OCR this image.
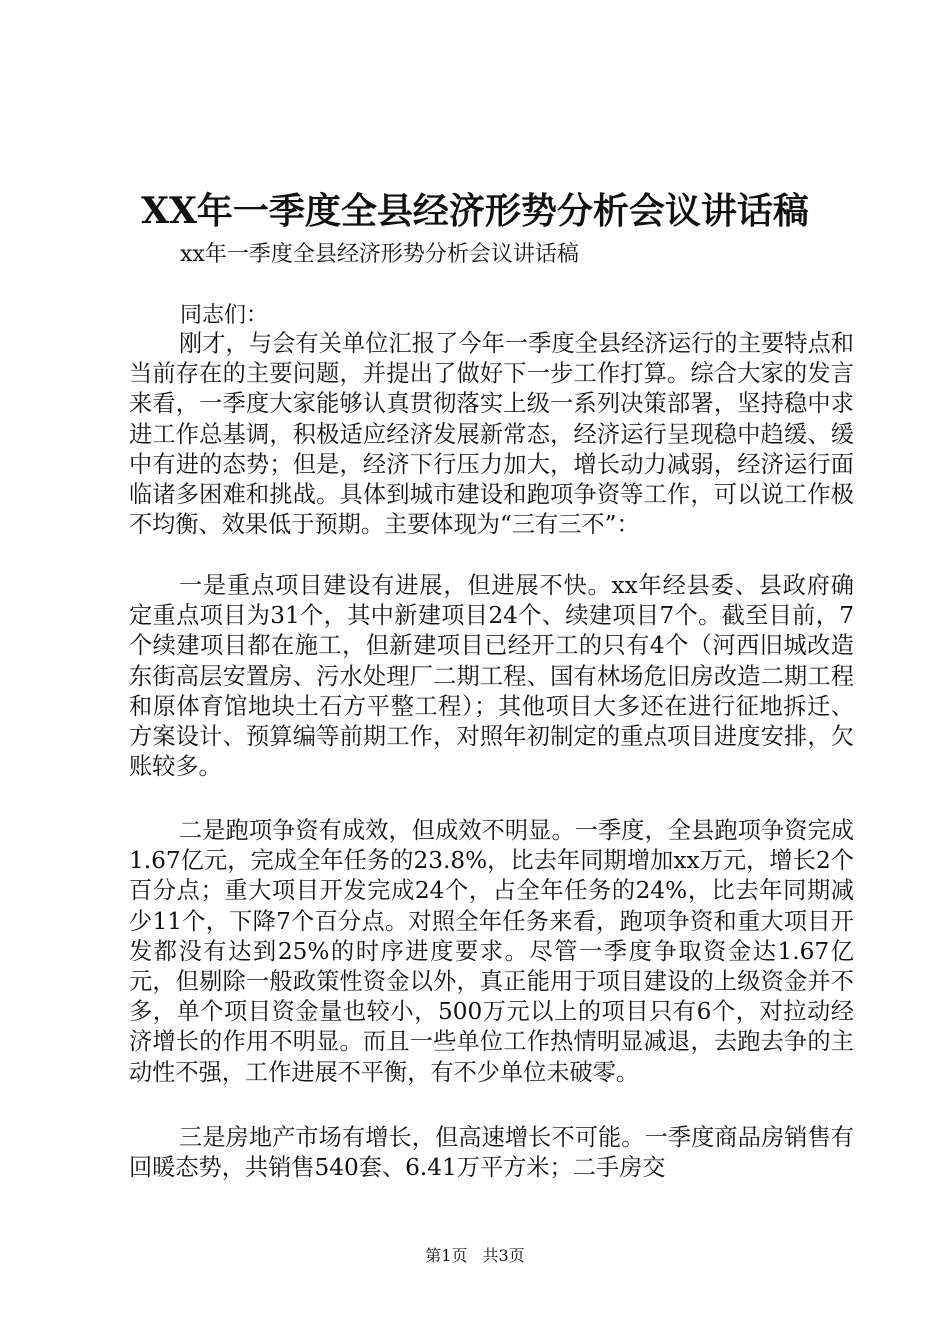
XX年一季度全县经济形势分析会议讲话稿
xx年一季度全县经济形势分析会议讲话稿
同志们：
刚才，与会有关单位汇报了今年一季度全县经济运行的主要特点和当前存在的主要问题，并提出了做好下一步工作打算。综合大家的发言来看，一季度大家能够认真贯彻落实上级一系列决策部署，坚持稳中求进工作总基调，积极适应经济发展新常态，经济运行呈现稳中趋缓、缓中有进的态势；但是，经济下行压力加大，增长动力减弱，经济运行面临诸多困难和挑战。具体到城市建设和跑项争资等工作，可以说工作极不均衡、效果低于预期。主要体现为“三有三不”：
一是重点项目建设有进展，但进展不快。xx年经县委、县政府确定重点项目为31个，其中新建项目24个、续建项目7个。截至目前，7个续建项目都在施工，但新建项目已经开工的只有4个（河西旧城改造东街高层安置房、污水处理厂二期工程、国有林场危旧房改造二期工程和原体育馆地块土石方平整工程）；其他项目大多还在进行征地拆迁、方案设计、预算编等前期工作，对照年初制定的重点项目进度安排，欠账较多。
二是跑项争资有成效，但成效不明显。一季度，全县跑项争资完成1.67亿元，完成全年任务的23.8%，比去年同期增加xx万元，增长2个百分点；重大项目开发完成24个，占全年任务的24%，比去年同期减少11个，下降7个百分点。对照全年任务来看，跑项争资和重大项目开发都没有达到25%的时序进度要求。尽管一季度争取资金达1.67亿元，但剔除一般政策性资金以外，真正能用于项目建设的上级资金并不多，单个项目资金量也较小，500万元以上的项目只有6个，对拉动经济增长的作用不明显。而且一些单位工作热情明显减退，去跑去争的主动性不强，工作进展不平衡，有不少单位未破零。
三是房地产市场有增长，但高速增长不可能。一季度商品房销售有回暖态势，共销售540套、6.41万平方米；二手房交
第1页 共3页
